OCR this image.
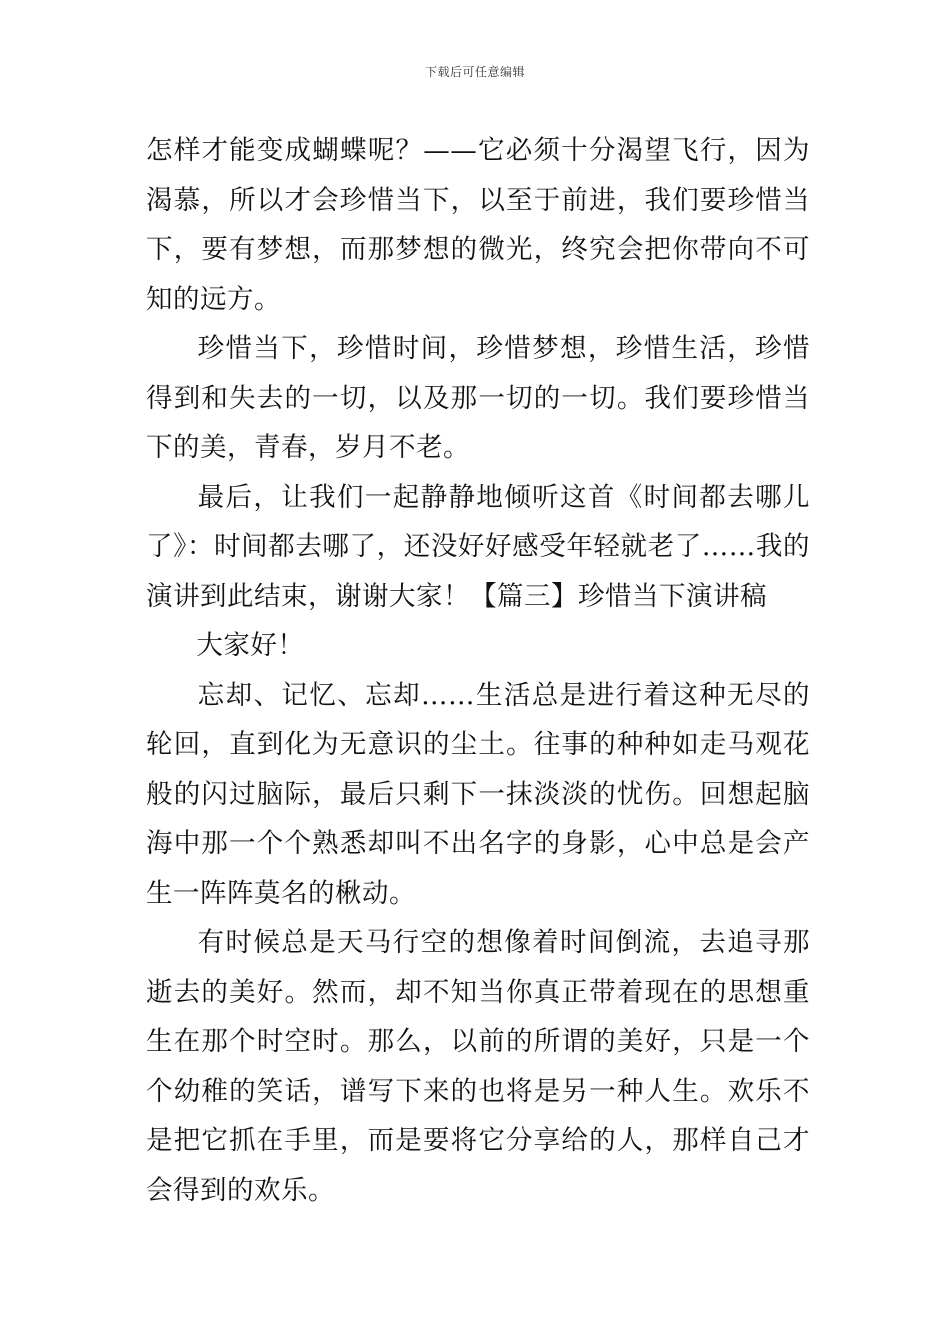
下载后可任意编辑

怎样才能变成蝴蝶呢？——它必须十分渴望飞行，因为渴慕，所以才会珍惜当下，以至于前进，我们要珍惜当下，要有梦想，而那梦想的微光，终究会把你带向不可知的远方。

珍惜当下，珍惜时间，珍惜梦想，珍惜生活，珍惜得到和失去的一切，以及那一切的一切。我们要珍惜当下的美，青春，岁月不老。

最后，让我们一起静静地倾听这首《时间都去哪儿了》：时间都去哪了，还没好好感受年轻就老了……我的演讲到此结束，谢谢大家！【篇三】珍惜当下演讲稿

大家好！

忘却、记忆、忘却……生活总是进行着这种无尽的轮回，直到化为无意识的尘土。往事的种种如走马观花般的闪过脑际，最后只剩下一抹淡淡的忧伤。回想起脑海中那一个个熟悉却叫不出名字的身影，心中总是会产生一阵阵莫名的楸动。

有时候总是天马行空的想像着时间倒流，去追寻那逝去的美好。然而，却不知当你真正带着现在的思想重生在那个时空时。那么，以前的所谓的美好，只是一个个幼稚的笑话，谱写下来的也将是另一种人生。欢乐不是把它抓在手里，而是要将它分享给的人，那样自己才会得到的欢乐。
